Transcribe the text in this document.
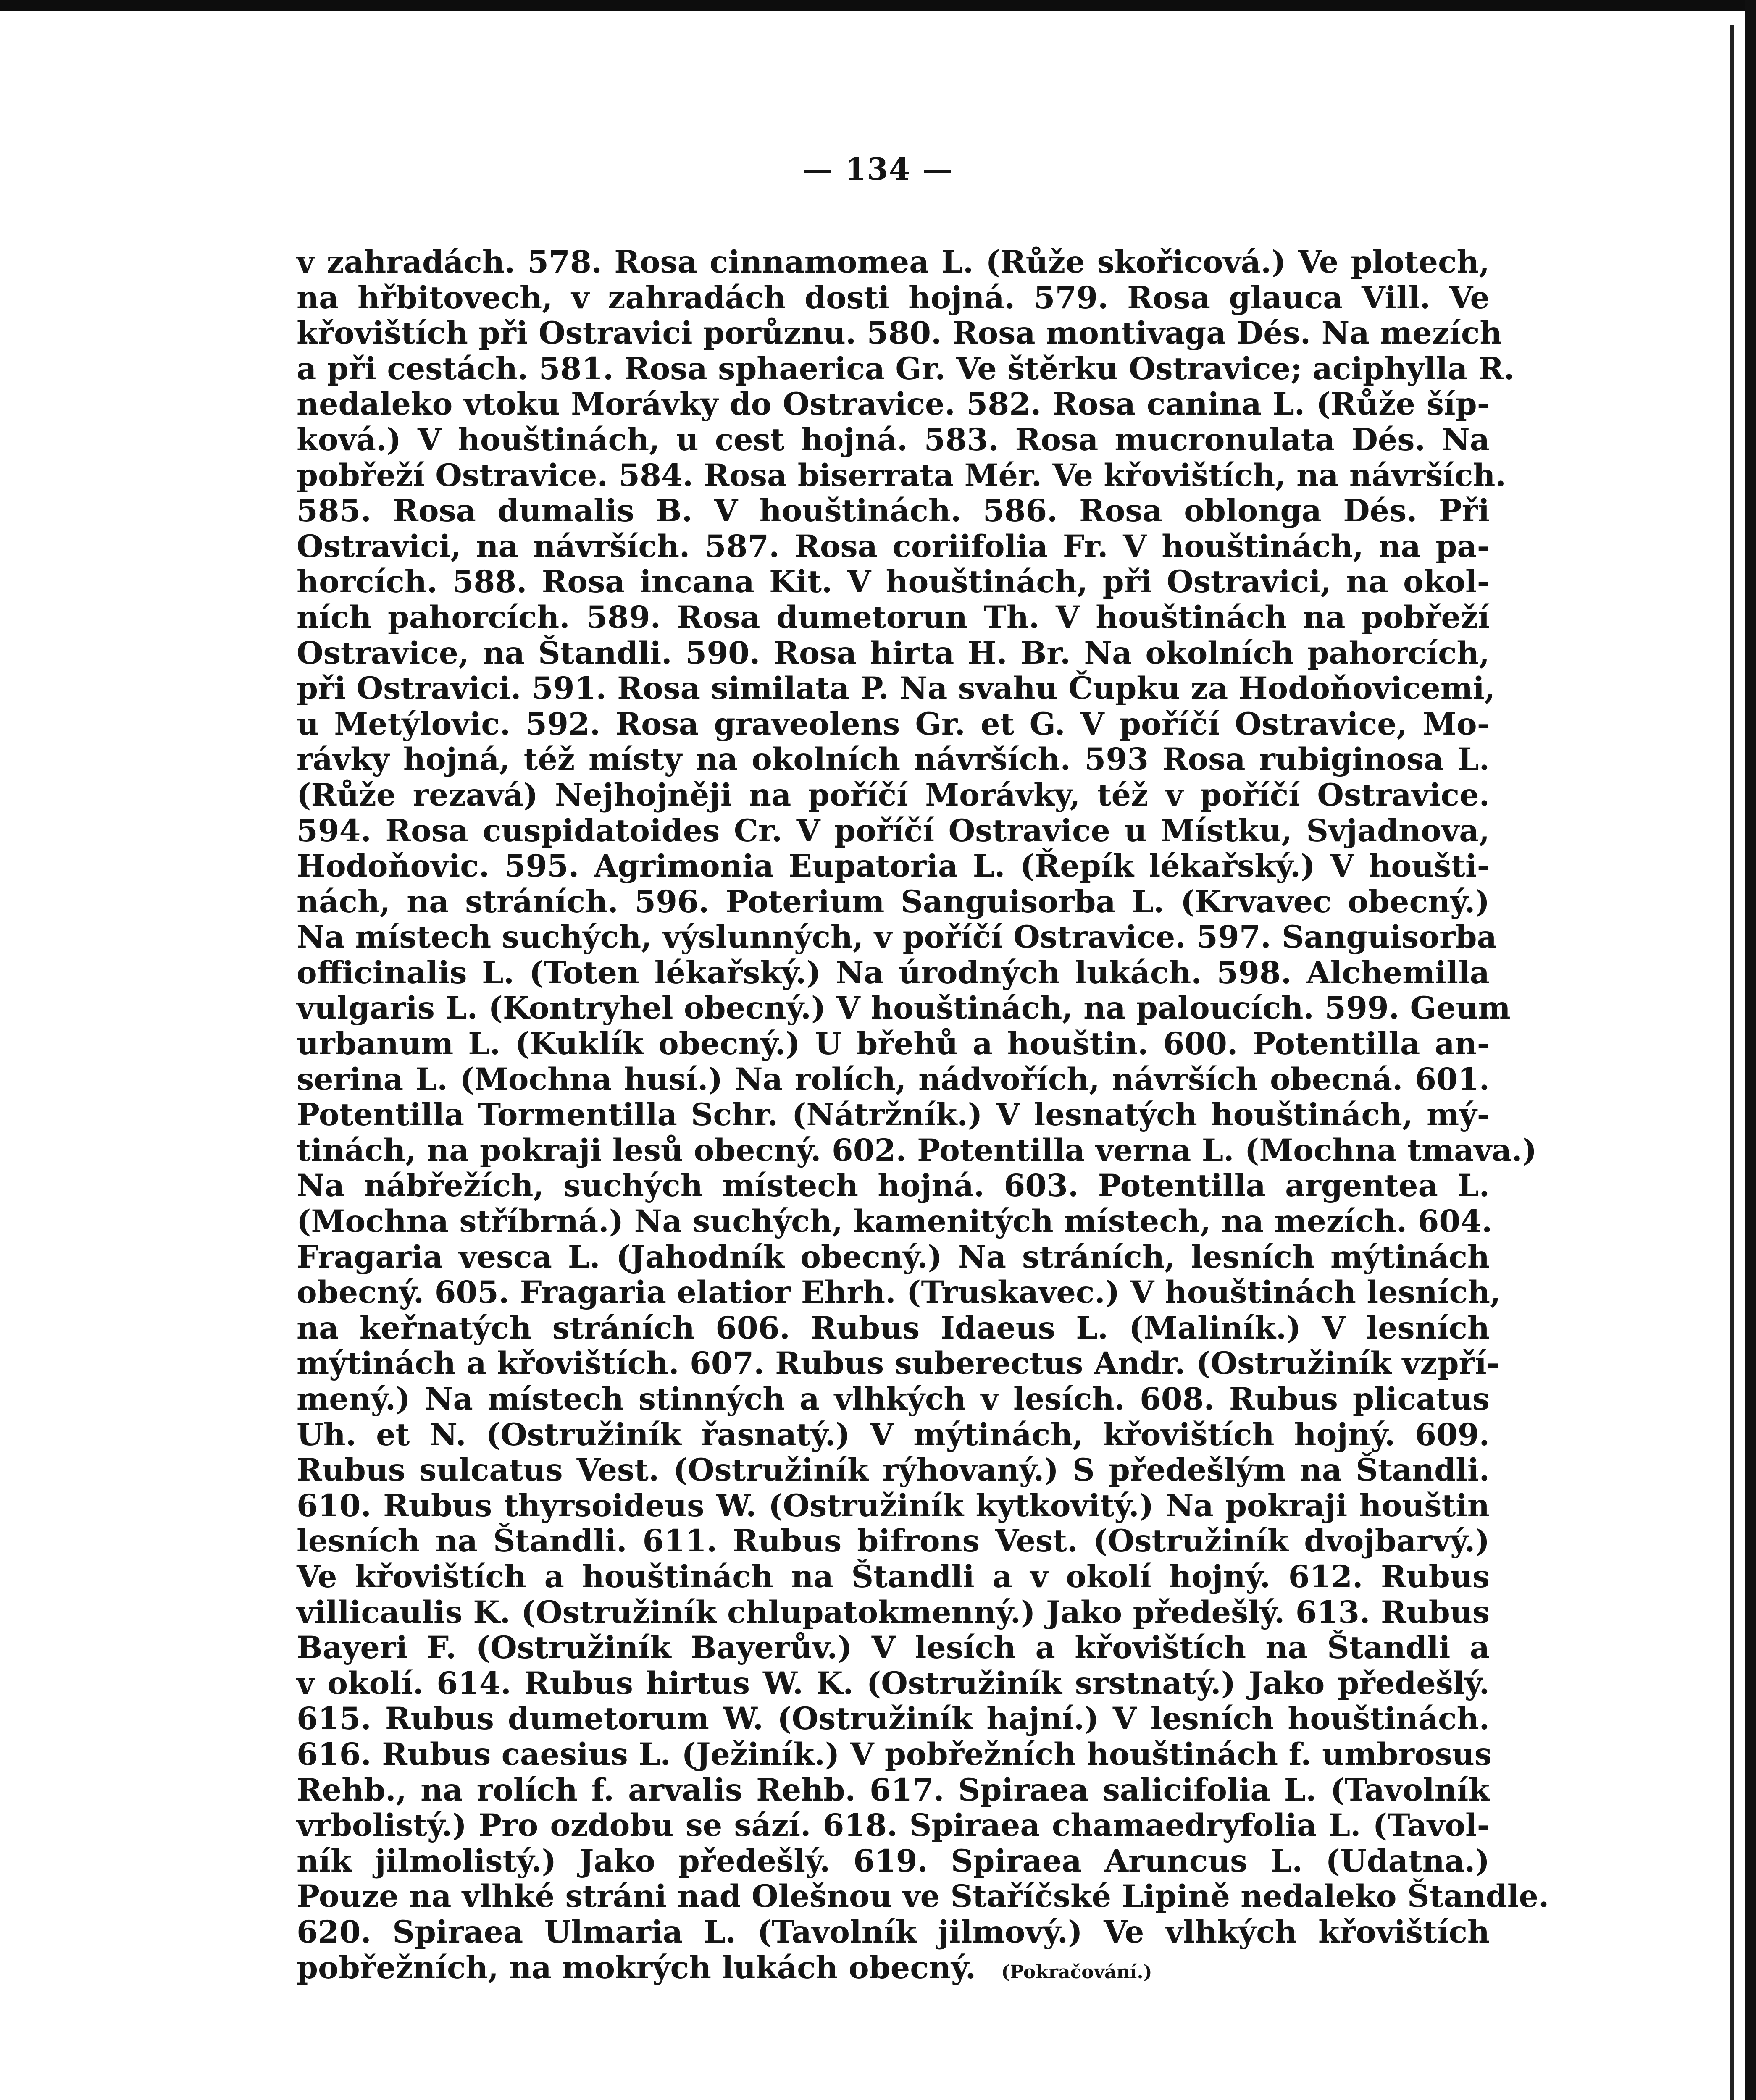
— 134 —
v zahradách. 578. Rosa cinnamomea L. (Růže skořicová.) Ve plotech,
na hřbitovech, v zahradách dosti hojná. 579. Rosa glauca Vill. Ve
křovištích při Ostravici porůznu. 580. Rosa montivaga Dés. Na mezích
a při cestách. 581. Rosa sphaerica Gr. Ve štěrku Ostravice; aciphylla R.
nedaleko vtoku Morávky do Ostravice. 582. Rosa canina L. (Růže šíp-
ková.) V houštinách, u cest hojná. 583. Rosa mucronulata Dés. Na
pobřeží Ostravice. 584. Rosa biserrata Mér. Ve křovištích, na návrších.
585. Rosa dumalis B. V houštinách. 586. Rosa oblonga Dés. Při
Ostravici, na návrších. 587. Rosa coriifolia Fr. V houštinách, na pa-
horcích. 588. Rosa incana Kit. V houštinách, při Ostravici, na okol-
ních pahorcích. 589. Rosa dumetorun Th. V houštinách na pobřeží
Ostravice, na Štandli. 590. Rosa hirta H. Br. Na okolních pahorcích,
při Ostravici. 591. Rosa similata P. Na svahu Čupku za Hodoňovicemi,
u Metýlovic. 592. Rosa graveolens Gr. et G. V poříčí Ostravice, Mo-
rávky hojná, též místy na okolních návrších. 593 Rosa rubiginosa L.
(Růže rezavá) Nejhojněji na poříčí Morávky, též v poříčí Ostravice.
594. Rosa cuspidatoides Cr. V poříčí Ostravice u Místku, Svjadnova,
Hodoňovic. 595. Agrimonia Eupatoria L. (Řepík lékařský.) V houšti-
nách, na stráních. 596. Poterium Sanguisorba L. (Krvavec obecný.)
Na místech suchých, výslunných, v poříčí Ostravice. 597. Sanguisorba
officinalis L. (Toten lékařský.) Na úrodných lukách. 598. Alchemilla
vulgaris L. (Kontryhel obecný.) V houštinách, na paloucích. 599. Geum
urbanum L. (Kuklík obecný.) U břehů a houštin. 600. Potentilla an-
serina L. (Mochna husí.) Na rolích, nádvořích, návrších obecná. 601.
Potentilla Tormentilla Schr. (Nátržník.) V lesnatých houštinách, mý-
tinách, na pokraji lesů obecný. 602. Potentilla verna L. (Mochna tmava.)
Na nábřežích, suchých místech hojná. 603. Potentilla argentea L.
(Mochna stříbrná.) Na suchých, kamenitých místech, na mezích. 604.
Fragaria vesca L. (Jahodník obecný.) Na stráních, lesních mýtinách
obecný. 605. Fragaria elatior Ehrh. (Truskavec.) V houštinách lesních,
na keřnatých stráních 606. Rubus Idaeus L. (Maliník.) V lesních
mýtinách a křovištích. 607. Rubus suberectus Andr. (Ostružiník vzpří-
mený.) Na místech stinných a vlhkých v lesích. 608. Rubus plicatus
Uh. et N. (Ostružiník řasnatý.) V mýtinách, křovištích hojný. 609.
Rubus sulcatus Vest. (Ostružiník rýhovaný.) S předešlým na Štandli.
610. Rubus thyrsoideus W. (Ostružiník kytkovitý.) Na pokraji houštin
lesních na Štandli. 611. Rubus bifrons Vest. (Ostružiník dvojbarvý.)
Ve křovištích a houštinách na Štandli a v okolí hojný. 612. Rubus
villicaulis K. (Ostružiník chlupatokmenný.) Jako předešlý. 613. Rubus
Bayeri F. (Ostružiník Bayerův.) V lesích a křovištích na Štandli a
v okolí. 614. Rubus hirtus W. K. (Ostružiník srstnatý.) Jako předešlý.
615. Rubus dumetorum W. (Ostružiník hajní.) V lesních houštinách.
616. Rubus caesius L. (Ježiník.) V pobřežních houštinách f. umbrosus
Rehb., na rolích f. arvalis Rehb. 617. Spiraea salicifolia L. (Tavolník
vrbolistý.) Pro ozdobu se sází. 618. Spiraea chamaedryfolia L. (Tavol-
ník jilmolistý.) Jako předešlý. 619. Spiraea Aruncus L. (Udatna.)
Pouze na vlhké stráni nad Olešnou ve Staříčské Lipině nedaleko Štandle.
620. Spiraea Ulmaria L. (Tavolník jilmový.) Ve vlhkých křovištích
pobřežních, na mokrých lukách obecný. (Pokračování.)
